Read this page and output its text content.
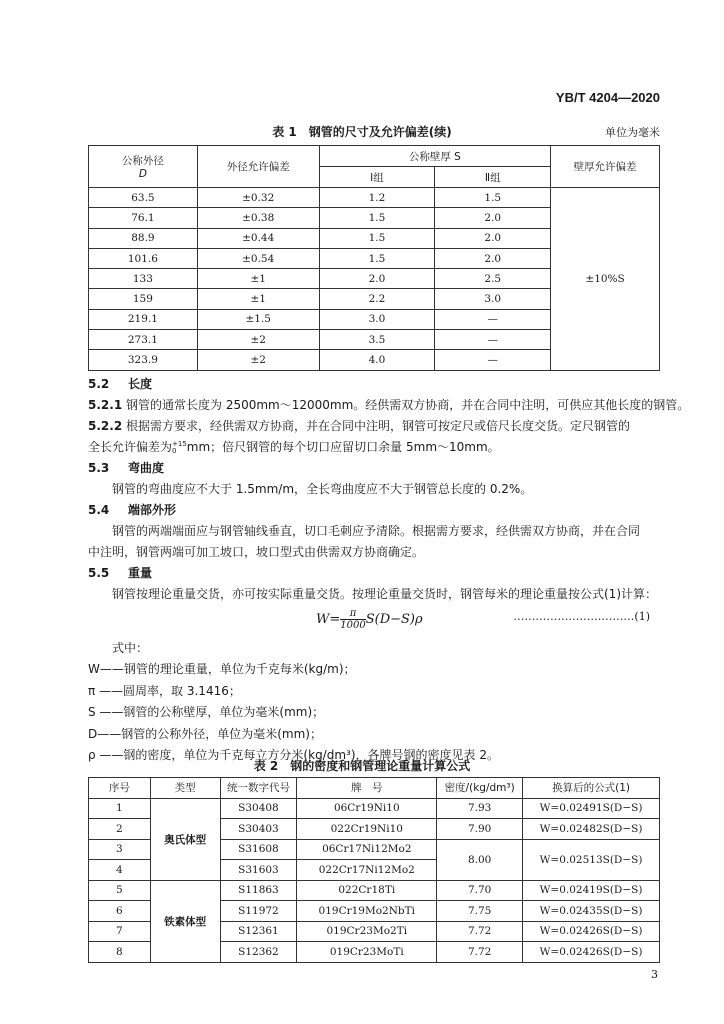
YB/T 4204—2020
表 1　钢管的尺寸及允许偏差(续)	单位为毫米
公称外径
D	外径允许偏差	公称壁厚 S		壁厚允许偏差
		Ⅰ组	Ⅱ组	
63.5	±0.32	1.2	1.5	±10%S
76.1	±0.38	1.5	2.0	
88.9	±0.44	1.5	2.0	
101.6	±0.54	1.5	2.0	
133	±1	2.0	2.5	
159	±1	2.2	3.0	
219.1	±1.5	3.0	—	
273.1	±2	3.5	—	
323.9	±2	4.0	—	
5.2 长度
5.2.1 钢管的通常长度为 2500mm～12000mm。经供需双方协商，并在合同中注明，可供应其他长度的钢管。
5.2.2 根据需方要求，经供需双方协商，并在合同中注明，钢管可按定尺或倍尺长度交货。定尺钢管的
全长允许偏差为 +15
0 mm；倍尺钢管的每个切口应留切口余量 5mm～10mm。
5.3 弯曲度
钢管的弯曲度应不大于 1.5mm/m，全长弯曲度应不大于钢管总长度的 0.2%。
5.4 端部外形
钢管的两端端面应与钢管轴线垂直，切口毛刺应予清除。根据需方要求，经供需双方协商，并在合同
中注明，钢管两端可加工坡口，坡口型式由供需双方协商确定。
5.5 重量
钢管按理论重量交货，亦可按实际重量交货。按理论重量交货时，钢管每米的理论重量按公式(1)计算：
$W= \frac{\pi}{1000} S(D-S)\rho$	……………………………(1)
式中：
W——钢管的理论重量，单位为千克每米(kg/m)；
π ——圆周率，取 3.1416；
S ——钢管的公称壁厚，单位为毫米(mm)；
D——钢管的公称外径，单位为毫米(mm)；
ρ ——钢的密度，单位为千克每立方分米(kg/dm³)，各牌号钢的密度见表 2。
表 2　钢的密度和钢管理论重量计算公式
序号	类型	统一数字代号	牌　号	密度/(kg/dm³)	换算后的公式(1)
1	奥氏体型	S30408	06Cr19Ni10	7.93	W=0.02491S(D−S)
2		S30403	022Cr19Ni10	7.90	W=0.02482S(D−S)
3		S31608	06Cr17Ni12Mo2	8.00	W=0.02513S(D−S)
4		S31603	022Cr17Ni12Mo2		
5	铁素体型	S11863	022Cr18Ti	7.70	W=0.02419S(D−S)
6		S11972	019Cr19Mo2NbTi	7.75	W=0.02435S(D−S)
7		S12361	019Cr23Mo2Ti	7.72	W=0.02426S(D−S)
8		S12362	019Cr23MoTi	7.72	W=0.02426S(D−S)
3
